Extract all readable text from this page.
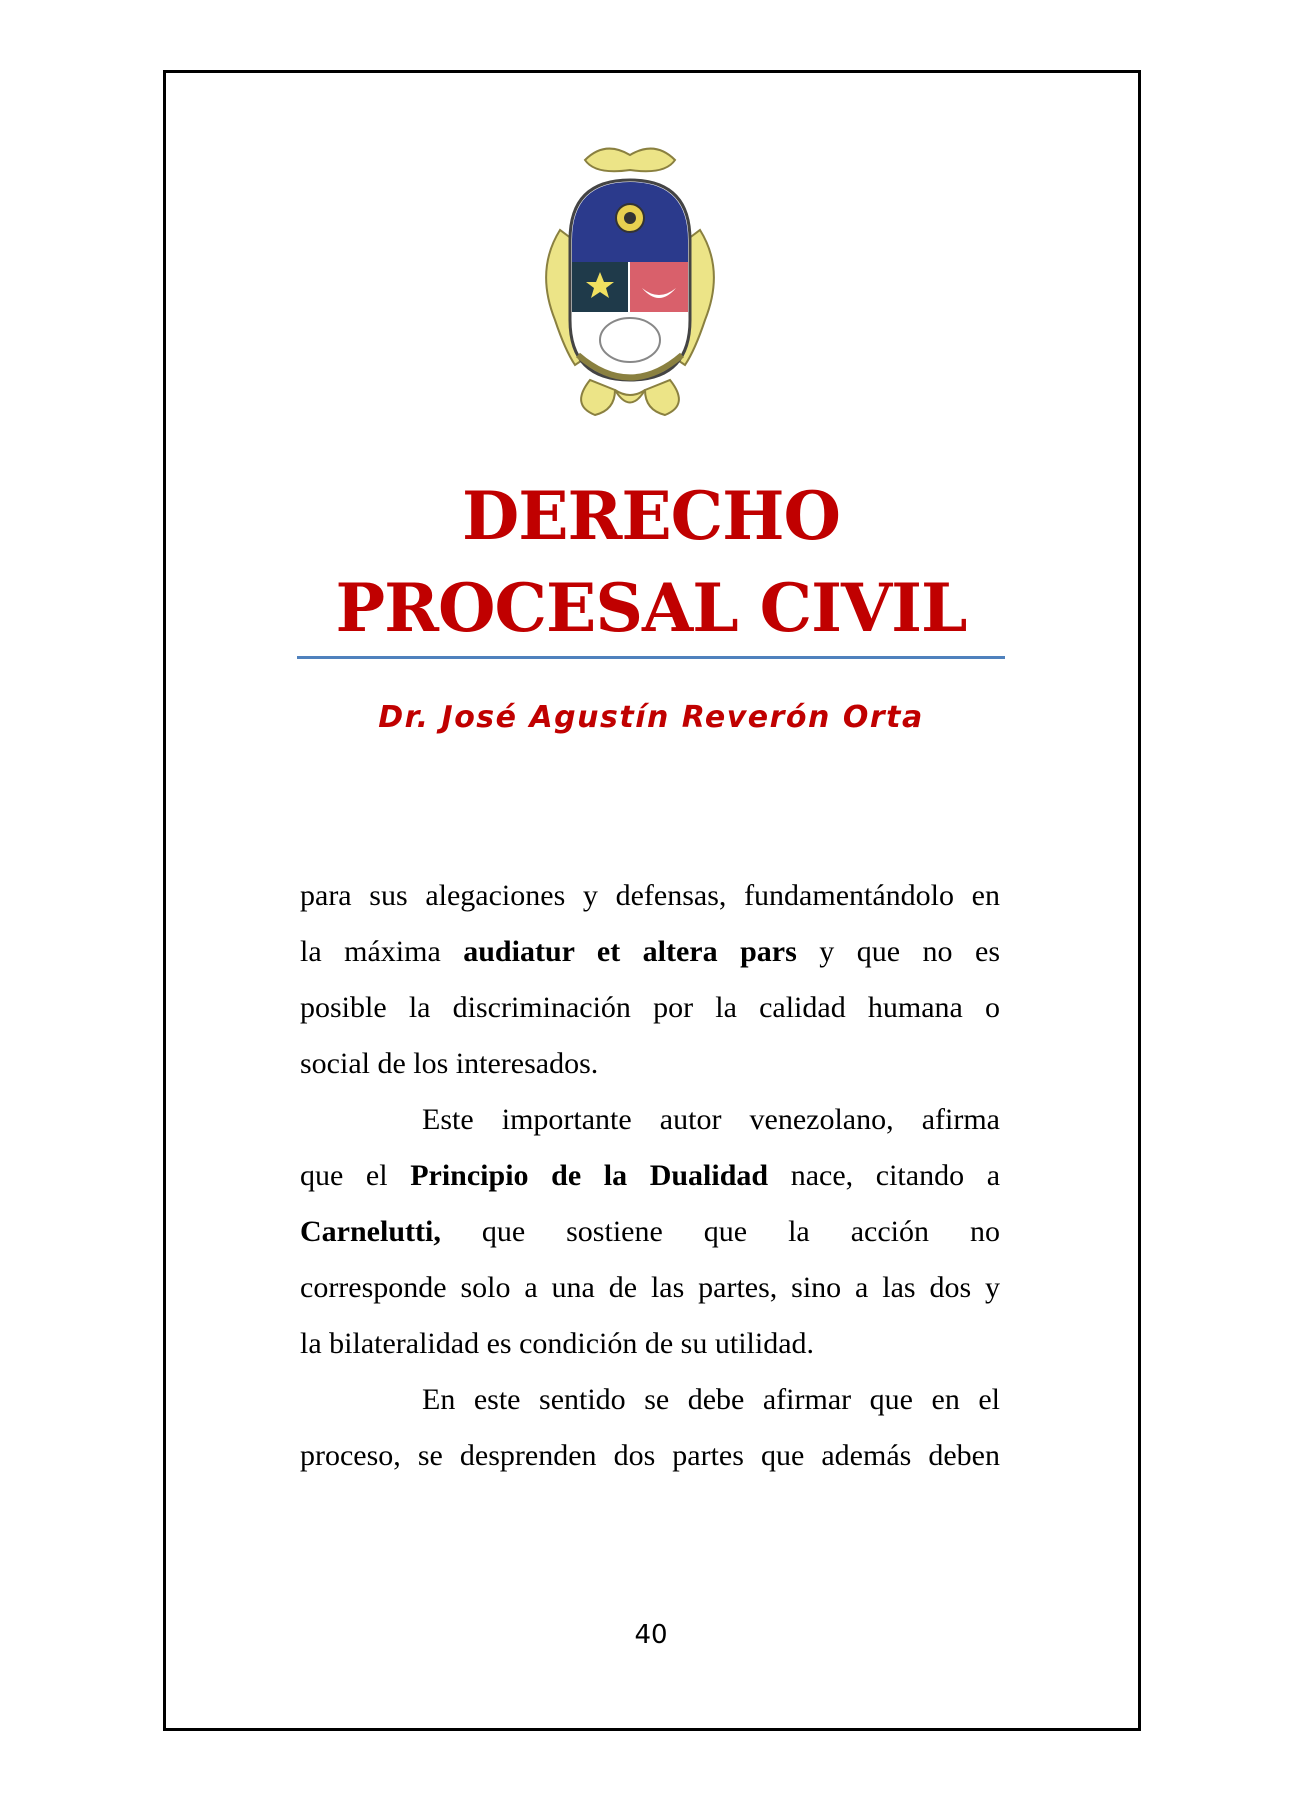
DERECHO
PROCESAL CIVIL
Dr. José Agustín Reverón Orta
para sus alegaciones y defensas, fundamentándolo en
la máxima audiatur et altera pars y que no es
posible la discriminación por la calidad humana o
social de los interesados.
Este importante autor venezolano, afirma
que el Principio de la Dualidad nace, citando a
Carnelutti, que sostiene que la acción no
corresponde solo a una de las partes, sino a las dos y
la bilateralidad es condición de su utilidad.
En este sentido se debe afirmar que en el
proceso, se desprenden dos partes que además deben
40
